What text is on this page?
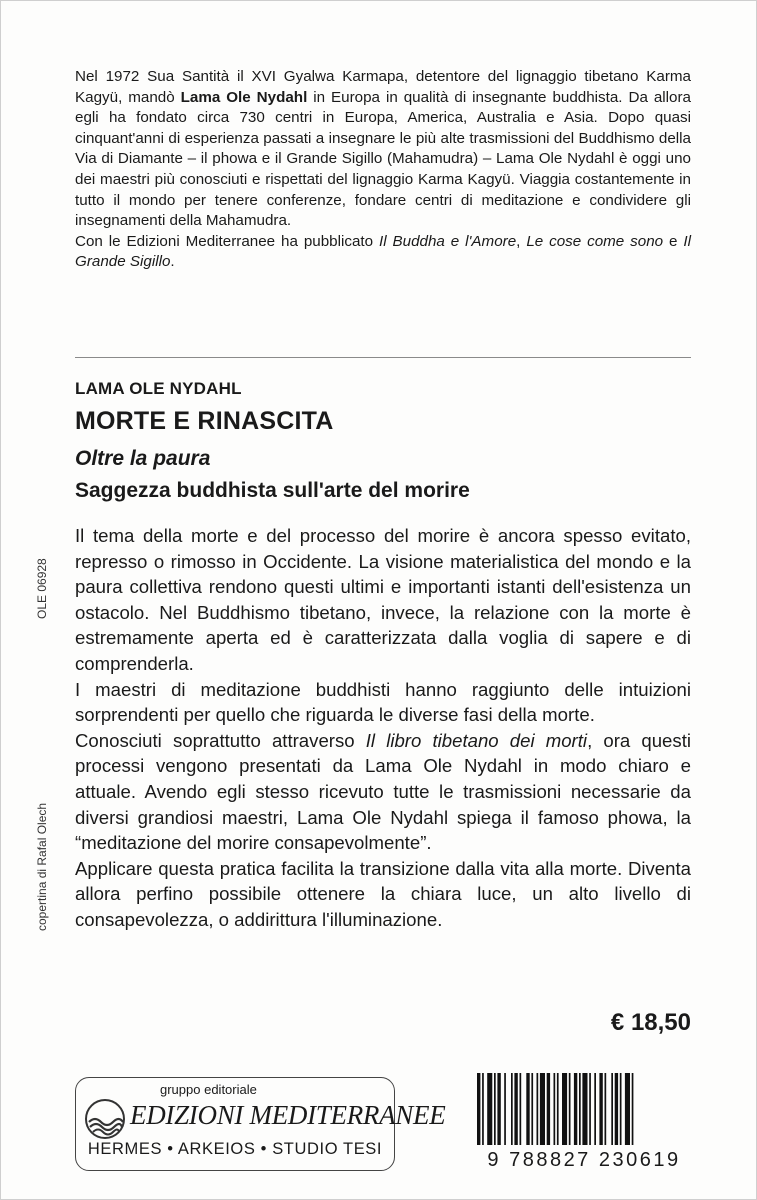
Nel 1972 Sua Santità il XVI Gyalwa Karmapa, detentore del lignaggio tibetano Karma Kagyü, mandò Lama Ole Nydahl in Europa in qualità di insegnante buddhista. Da allora egli ha fondato circa 730 centri in Europa, America, Australia e Asia. Dopo quasi cinquant'anni di esperienza passati a insegnare le più alte trasmissioni del Buddhismo della Via di Diamante – il phowa e il Grande Sigillo (Mahamudra) – Lama Ole Nydahl è oggi uno dei maestri più conosciuti e rispettati del lignaggio Karma Kagyü. Viaggia costantemente in tutto il mondo per tenere conferenze, fondare centri di meditazione e condividere gli insegnamenti della Mahamudra.

Con le Edizioni Mediterranee ha pubblicato Il Buddha e l'Amore, Le cose come sono e Il Grande Sigillo.

LAMA OLE NYDAHL
MORTE E RINASCITA
Oltre la paura
Saggezza buddhista sull'arte del morire

Il tema della morte e del processo del morire è ancora spesso evitato, represso o rimosso in Occidente. La visione materialistica del mondo e la paura collettiva rendono questi ultimi e importanti istanti dell'esistenza un ostacolo. Nel Buddhismo tibetano, invece, la relazione con la morte è estremamente aperta ed è caratterizzata dalla voglia di sapere e di comprenderla.

I maestri di meditazione buddhisti hanno raggiunto delle intuizioni sorprendenti per quello che riguarda le diverse fasi della morte.

Conosciuti soprattutto attraverso Il libro tibetano dei morti, ora questi processi vengono presentati da Lama Ole Nydahl in modo chiaro e attuale. Avendo egli stesso ricevuto tutte le trasmissioni necessarie da diversi grandiosi maestri, Lama Ole Nydahl spiega il famoso phowa, la “meditazione del morire consapevolmente”.

Applicare questa pratica facilita la transizione dalla vita alla morte. Diventa allora perfino possibile ottenere la chiara luce, un alto livello di consapevolezza, o addirittura l'illuminazione.

OLE 06928
copertina di Rafal Olech
€ 18,50
gruppo editoriale
EDIZIONI MEDITERRANEE
HERMES • ARKEIOS • STUDIO TESI	9 788827 230619
